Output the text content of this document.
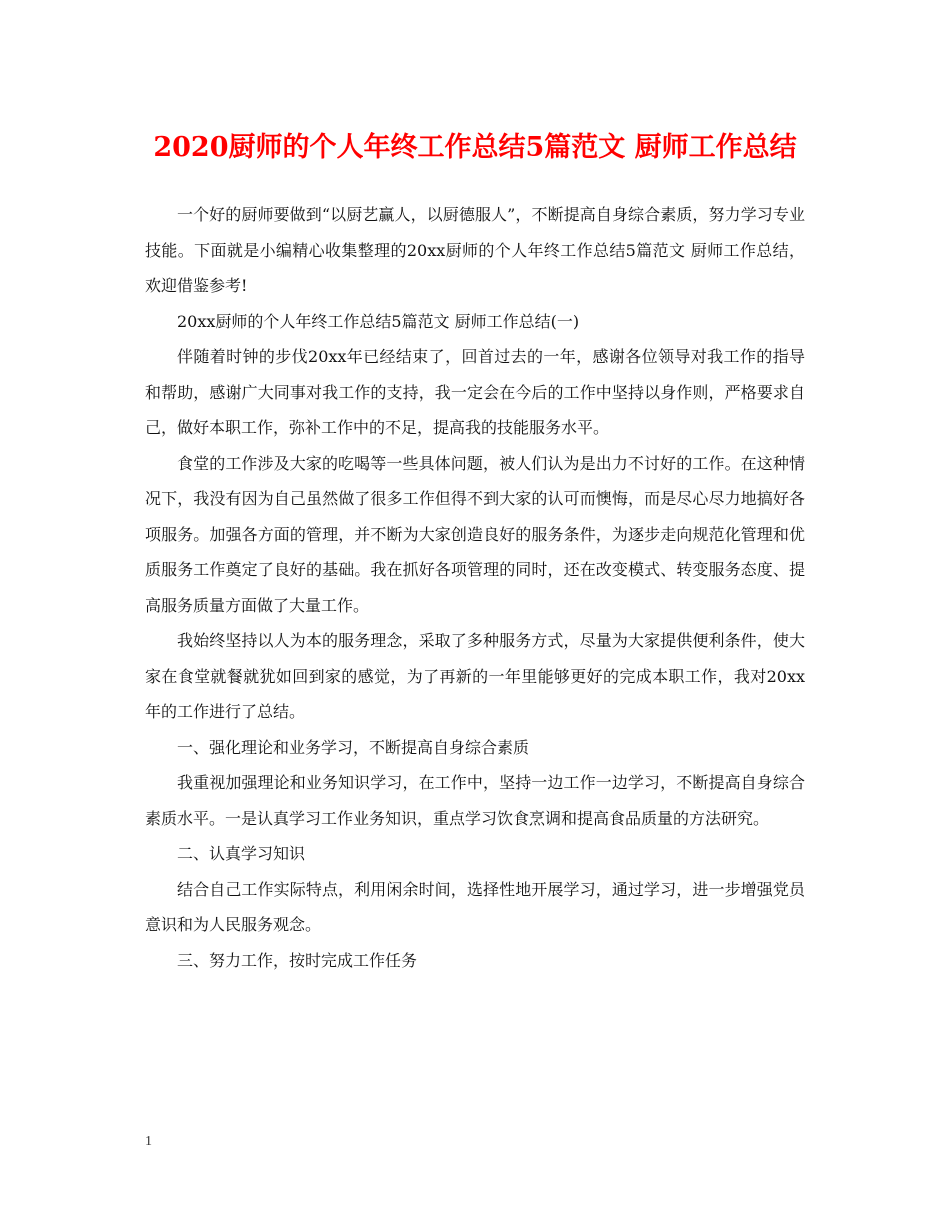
2020厨师的个人年终工作总结5篇范文 厨师工作总结

一个好的厨师要做到“以厨艺赢人，以厨德服人”，不断提高自身综合素质，努力学习专业技能。下面就是小编精心收集整理的20xx厨师的个人年终工作总结5篇范文 厨师工作总结，欢迎借鉴参考!

20xx厨师的个人年终工作总结5篇范文 厨师工作总结(一)

伴随着时钟的步伐20xx年已经结束了，回首过去的一年，感谢各位领导对我工作的指导和帮助，感谢广大同事对我工作的支持，我一定会在今后的工作中坚持以身作则，严格要求自己，做好本职工作，弥补工作中的不足，提高我的技能服务水平。

食堂的工作涉及大家的吃喝等一些具体问题，被人们认为是出力不讨好的工作。在这种情况下，我没有因为自己虽然做了很多工作但得不到大家的认可而懊悔，而是尽心尽力地搞好各项服务。加强各方面的管理，并不断为大家创造良好的服务条件，为逐步走向规范化管理和优质服务工作奠定了良好的基础。我在抓好各项管理的同时，还在改变模式、转变服务态度、提高服务质量方面做了大量工作。

我始终坚持以人为本的服务理念，采取了多种服务方式，尽量为大家提供便利条件，使大家在食堂就餐就犹如回到家的感觉，为了再新的一年里能够更好的完成本职工作，我对20xx年的工作进行了总结。

一、强化理论和业务学习，不断提高自身综合素质

我重视加强理论和业务知识学习，在工作中，坚持一边工作一边学习，不断提高自身综合素质水平。一是认真学习工作业务知识，重点学习饮食烹调和提高食品质量的方法研究。

二、认真学习知识

结合自己工作实际特点，利用闲余时间，选择性地开展学习，通过学习，进一步增强党员意识和为人民服务观念。

三、努力工作，按时完成工作任务

1
